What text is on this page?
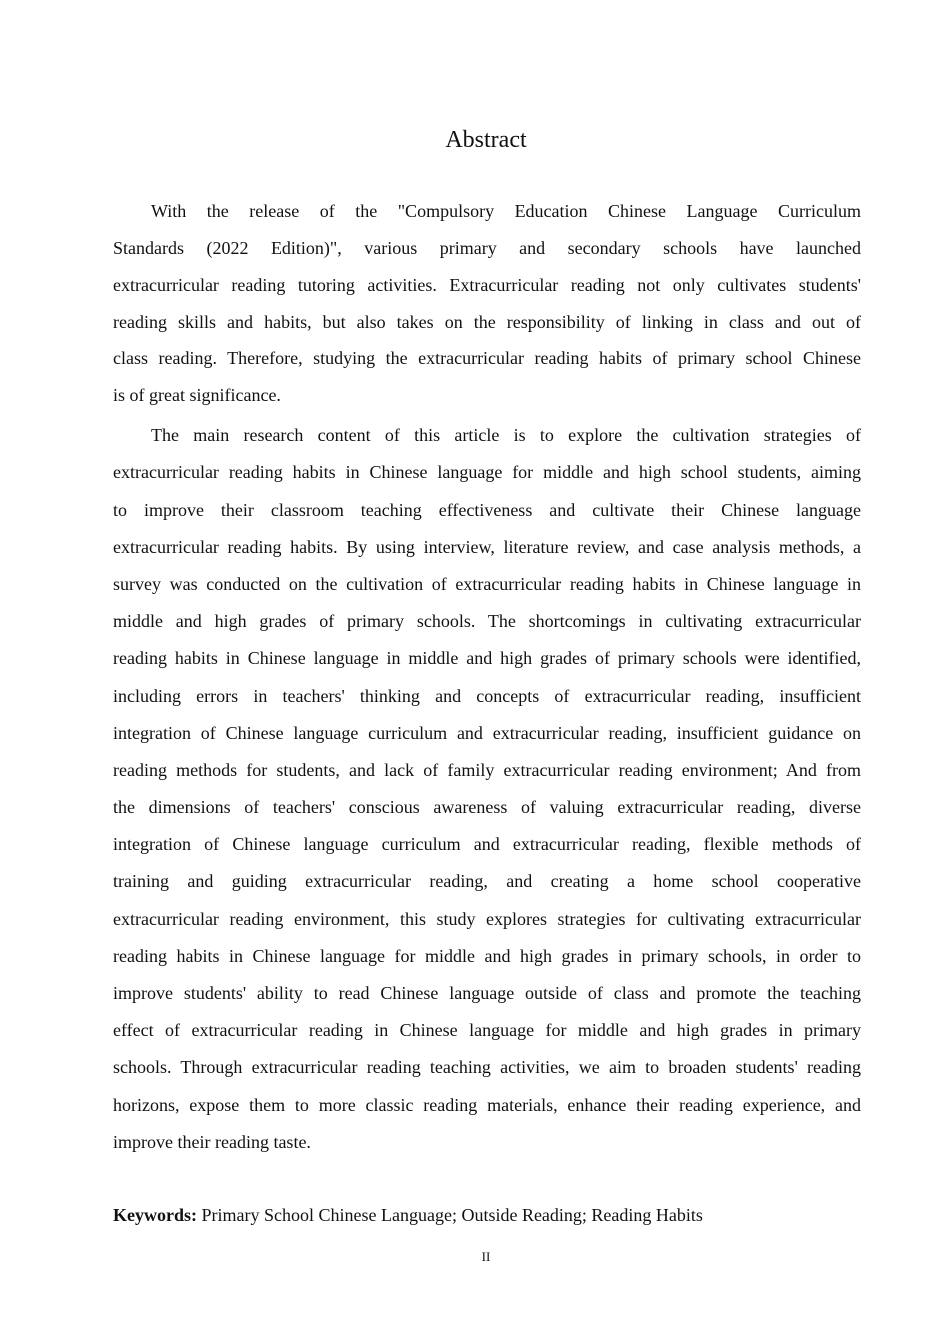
Abstract
With the release of the "Compulsory Education Chinese Language Curriculum
Standards (2022 Edition)", various primary and secondary schools have launched
extracurricular reading tutoring activities. Extracurricular reading not only cultivates students'
reading skills and habits, but also takes on the responsibility of linking in class and out of
class reading. Therefore, studying the extracurricular reading habits of primary school Chinese
is of great significance.
The main research content of this article is to explore the cultivation strategies of
extracurricular reading habits in Chinese language for middle and high school students, aiming
to improve their classroom teaching effectiveness and cultivate their Chinese language
extracurricular reading habits. By using interview, literature review, and case analysis methods, a
survey was conducted on the cultivation of extracurricular reading habits in Chinese language in
middle and high grades of primary schools. The shortcomings in cultivating extracurricular
reading habits in Chinese language in middle and high grades of primary schools were identified,
including errors in teachers' thinking and concepts of extracurricular reading, insufficient
integration of Chinese language curriculum and extracurricular reading, insufficient guidance on
reading methods for students, and lack of family extracurricular reading environment; And from
the dimensions of teachers' conscious awareness of valuing extracurricular reading, diverse
integration of Chinese language curriculum and extracurricular reading, flexible methods of
training and guiding extracurricular reading, and creating a home school cooperative
extracurricular reading environment, this study explores strategies for cultivating extracurricular
reading habits in Chinese language for middle and high grades in primary schools, in order to
improve students' ability to read Chinese language outside of class and promote the teaching
effect of extracurricular reading in Chinese language for middle and high grades in primary
schools. Through extracurricular reading teaching activities, we aim to broaden students' reading
horizons, expose them to more classic reading materials, enhance their reading experience, and
improve their reading taste.
Keywords: Primary School Chinese Language; Outside Reading; Reading Habits
II
